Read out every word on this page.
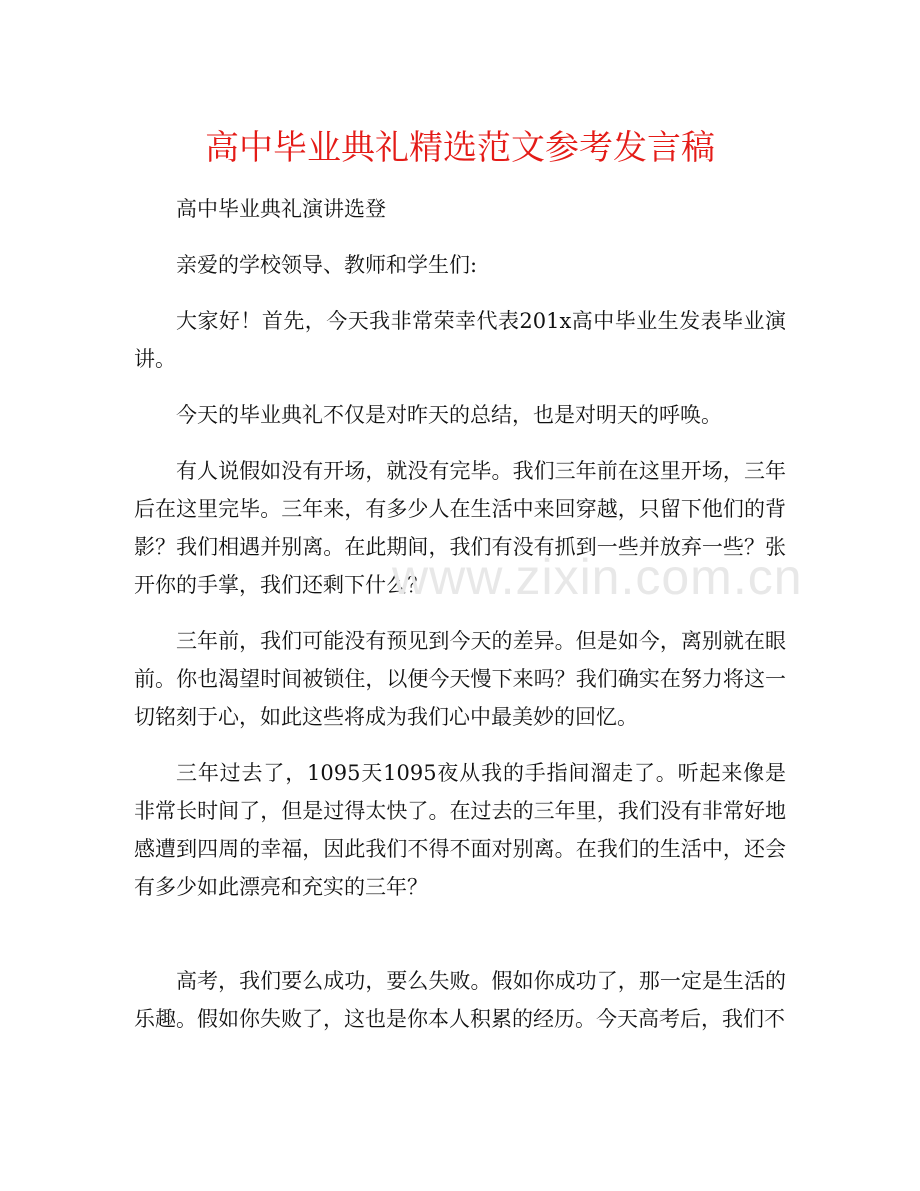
高中毕业典礼精选范文参考发言稿

高中毕业典礼演讲选登

亲爱的学校领导、教师和学生们:

大家好！首先，今天我非常荣幸代表201x高中毕业生发表毕业演讲。

今天的毕业典礼不仅是对昨天的总结，也是对明天的呼唤。

有人说假如没有开场，就没有完毕。我们三年前在这里开场，三年后在这里完毕。三年来，有多少人在生活中来回穿越，只留下他们的背影？我们相遇并别离。在此期间，我们有没有抓到一些并放弃一些？张开你的手掌，我们还剩下什么？

三年前，我们可能没有预见到今天的差异。但是如今，离别就在眼前。你也渴望时间被锁住，以便今天慢下来吗？我们确实在努力将这一切铭刻于心，如此这些将成为我们心中最美妙的回忆。

三年过去了，1095天1095夜从我的手指间溜走了。听起来像是非常长时间了，但是过得太快了。在过去的三年里，我们没有非常好地感遭到四周的幸福，因此我们不得不面对别离。在我们的生活中，还会有多少如此漂亮和充实的三年？

高考，我们要么成功，要么失败。假如你成功了，那一定是生活的乐趣。假如你失败了，这也是你本人积累的经历。今天高考后，我们不

www.zixin.com.cn
